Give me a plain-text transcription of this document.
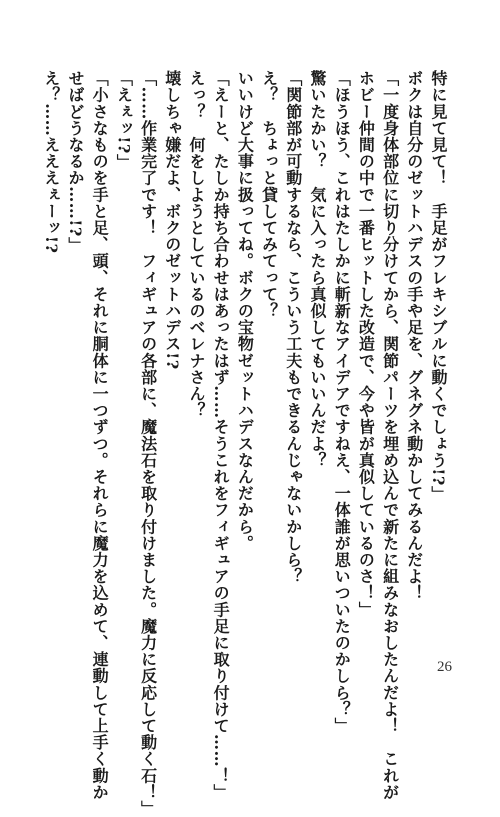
特に見て見て！　手足がフレキシブルに動くでしょう!?」
ボクは自分のゼットハデスの手や足を、グネグネ動かしてみるんだよ！
「一度身体部位に切り分けてから、関節パーツを埋め込んで新たに組みなおしたんだよ！　これが
ホビー仲間の中で一番ヒットした改造で、今や皆が真似しているのさ！」
「ほうほう、これはたしかに斬新なアイデアですねえ、一体誰が思いついたのかしら？」
驚いたかい？　気に入ったら真似してもいいんだよ？
「関節部が可動するなら、こういう工夫もできるんじゃないかしら？
え？　ちょっと貸してみてって？
いいけど大事に扱ってね。ボクの宝物ゼットハデスなんだから。
「えーと、たしか持ち合わせはあったはず……そうこれをフィギュアの手足に取り付けて……！」
えっ？　何をしようとしているのベレナさん？
壊しちゃ嫌だよ、ボクのゼットハデス!?
「……作業完了です！　フィギュアの各部に、魔法石を取り付けました。魔力に反応して動く石！」
「えぇッ!?」
「小さなものを手と足、頭、それに胴体に一つずつ。それらに魔力を込めて、連動して上手く動か
せばどうなるか……!?」
え？……えええぇーッ!?
26
